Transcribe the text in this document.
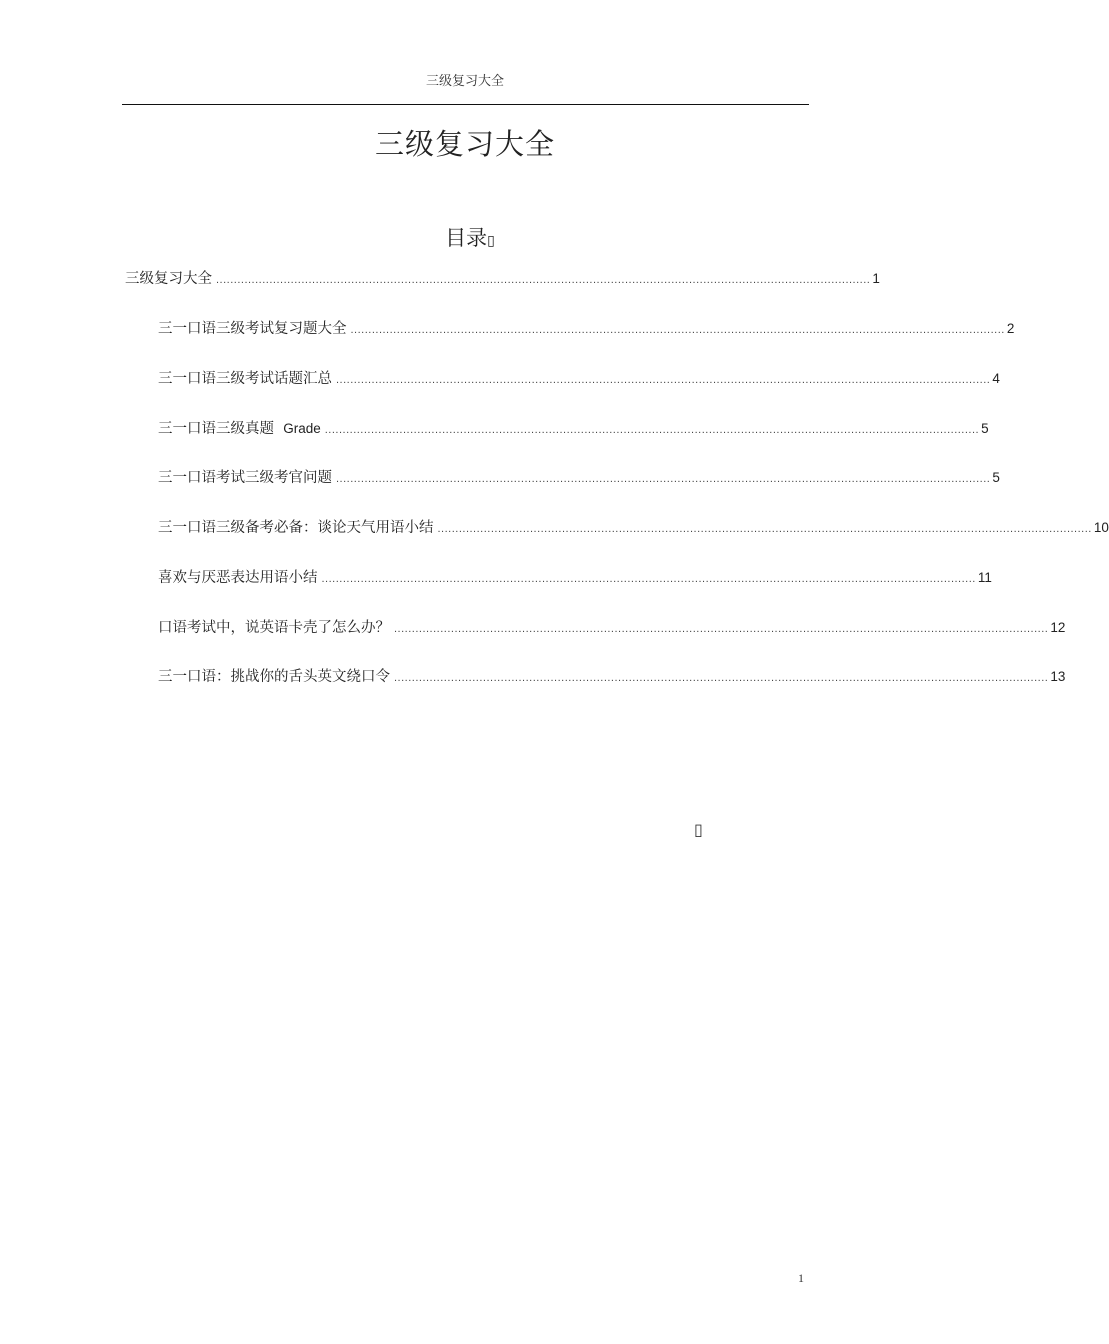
三级复习大全
三级复习大全
目录▯
三级复习大全 ........................................................................................................................................................................................ 1
三一口语三级考试复习题大全 ........................................................................................................................................................................................ 2
三一口语三级考试话题汇总 ........................................................................................................................................................................................ 4
三一口语三级真题 Grade ........................................................................................................................................................................................ 5
三一口语考试三级考官问题 ........................................................................................................................................................................................ 5
三一口语三级备考必备：谈论天气用语小结 ........................................................................................................................................................................................ 10
喜欢与厌恶表达用语小结 ........................................................................................................................................................................................ 11
口语考试中，说英语卡壳了怎么办？ ........................................................................................................................................................................................ 12
三一口语：挑战你的舌头英文绕口令 ........................................................................................................................................................................................ 13
▯
1
